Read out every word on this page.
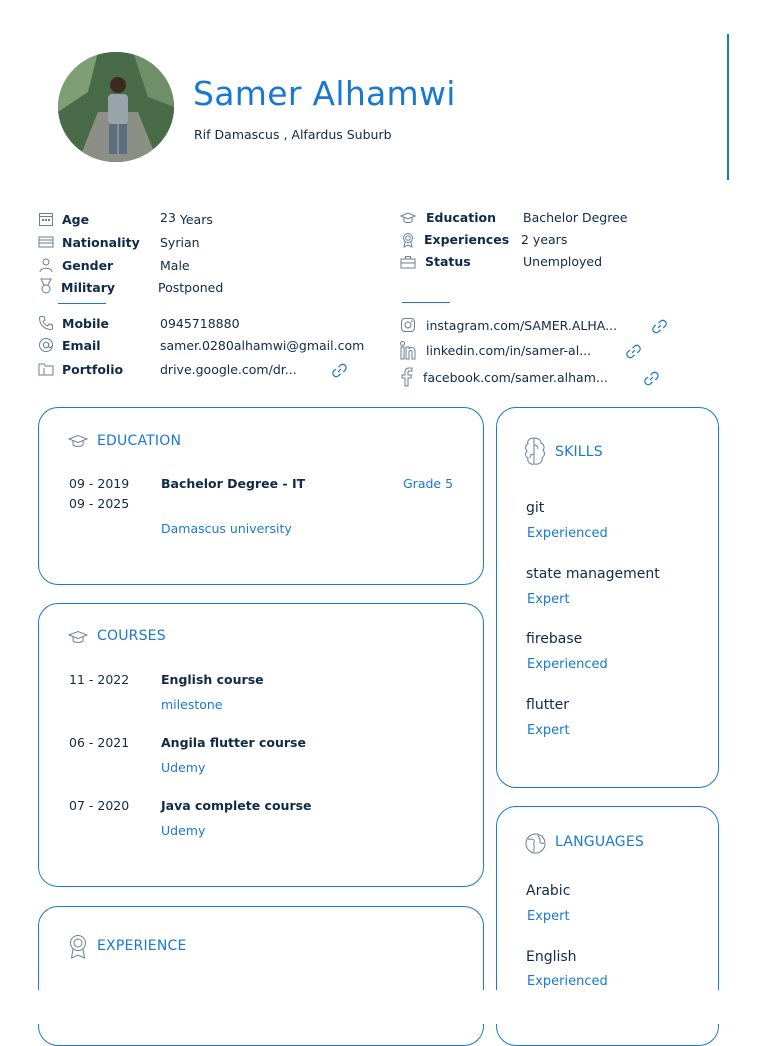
Samer Alhamwi
Rif Damascus , Alfardus Suburb
Age	23 Years
Nationality Syrian
Gender	Male
Military	Postponed
Education Bachelor Degree
Experiences 2 years
Status	Unemployed
Mobile	0945718880
Email	samer.0280alhamwi@gmail.com
Portfolio	drive.google.com/dr...
instagram.com/SAMER.ALHA...
linkedin.com/in/samer-al...
facebook.com/samer.alham...
EDUCATION
09 - 2019
09 - 2025
Bachelor Degree - IT	Grade 5
Damascus university
COURSES
11 - 2022	English course
milestone
06 - 2021	Angila flutter course
Udemy
07 - 2020	Java complete course
Udemy
EXPERIENCE
SKILLS
git
Experienced
state management
Expert
firebase
Experienced
flutter
Expert
LANGUAGES
Arabic
Expert
English
Experienced
